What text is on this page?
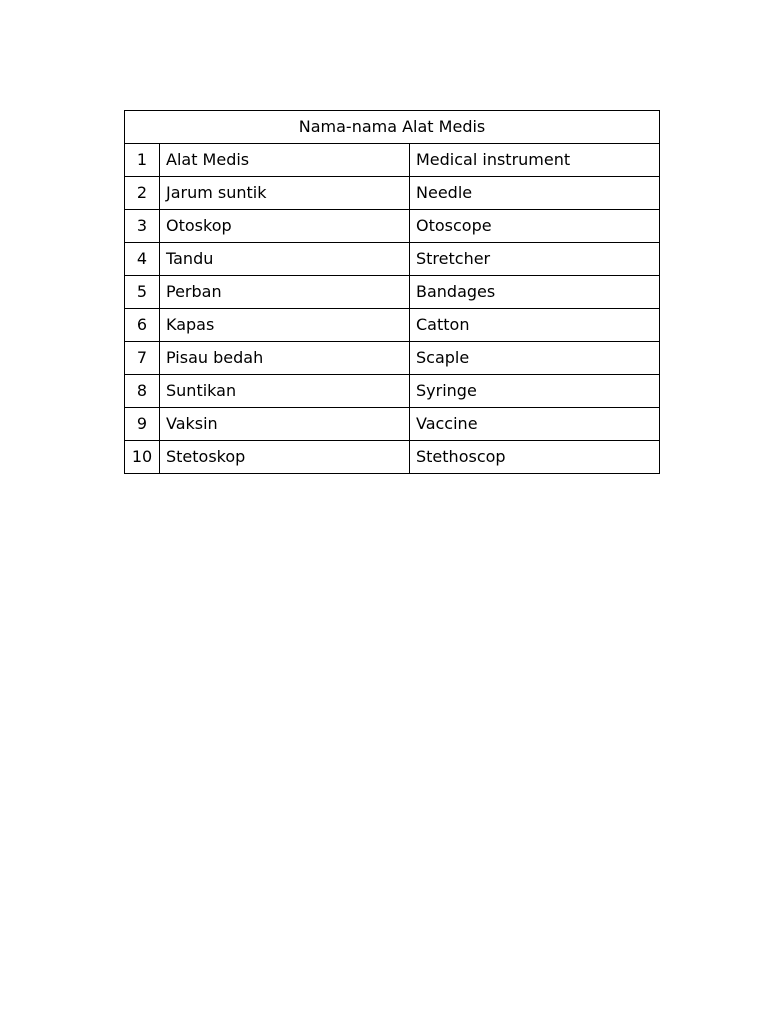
Nama-nama Alat Medis		
1	Alat Medis	Medical instrument
2	Jarum suntik	Needle
3	Otoskop	Otoscope
4	Tandu	Stretcher
5	Perban	Bandages
6	Kapas	Catton
7	Pisau bedah	Scaple
8	Suntikan	Syringe
9	Vaksin	Vaccine
10	Stetoskop	Stethoscop
